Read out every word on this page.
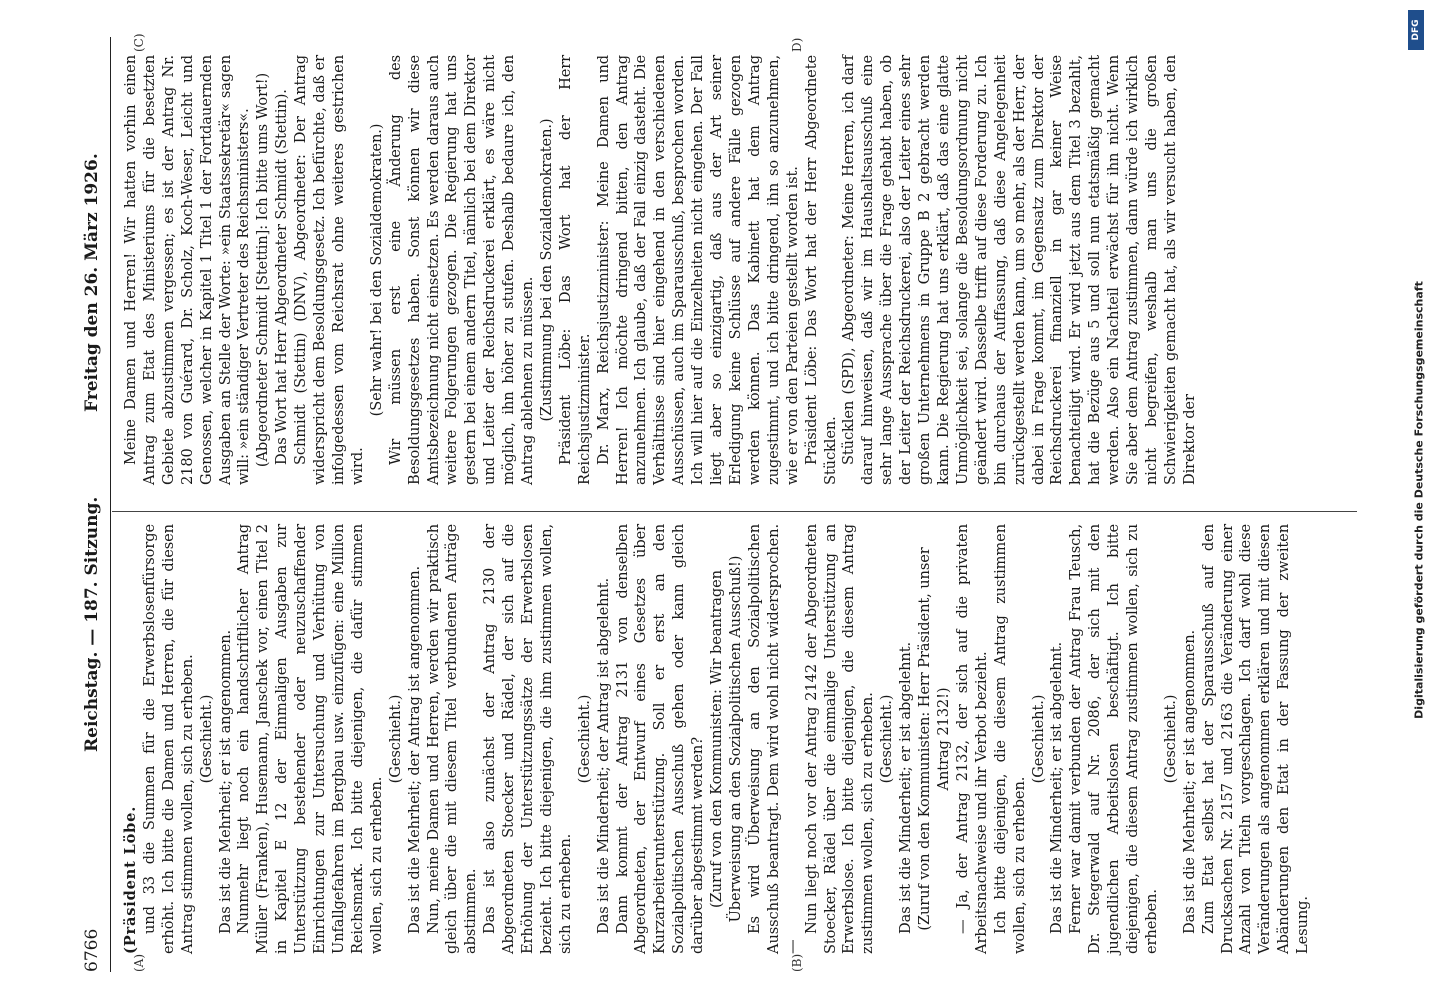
6766
Reichstag. — 187. Sitzung.
Freitag den 26. März 1926.
(A)	(B)
(C)	D)

(Präsident Löbe. und 33 die Summen für die Erwerbslosenfürsorge erhöht. Ich bitte die Damen und Herren, die für diesen Antrag stimmen wollen, sich zu erheben. (Geschieht.) Das ist die Mehrheit; er ist angenommen. Nunmehr liegt noch ein handschriftlicher Antrag Müller (Franken), Husemann, Janschek vor, einen Titel 2 in Kapitel E 12 der Einmaligen Ausgaben zur Unterstützung bestehender oder neuzuschaffender Einrichtungen zur Untersuchung und Verhütung von Unfallgefahren im Bergbau usw. einzufügen: eine Million Reichsmark. Ich bitte diejenigen, die dafür stimmen wollen, sich zu erheben.

(Geschieht.) Das ist die Mehrheit; der Antrag ist angenommen. Nun, meine Damen und Herren, werden wir praktisch gleich über die mit diesem Titel verbundenen Anträge abstimmen. Das ist also zunächst der Antrag 2130 der Abgeordneten Stoecker und Rädel, der sich auf die Erhöhung der Unterstützungssätze der Erwerbslosen bezieht. Ich bitte diejenigen, die ihm zustimmen wollen, sich zu erheben.

(Geschieht.) Das ist die Minderheit; der Antrag ist abgelehnt. Dann kommt der Antrag 2131 von denselben Abgeordneten, der Entwurf eines Gesetzes über Kurzarbeiterunterstützung. Soll er erst an den Sozialpolitischen Ausschuß gehen oder kann gleich darüber abgestimmt werden? (Zuruf von den Kommunisten: Wir beantragen Überweisung an den Sozialpolitischen Ausschuß!) Es wird Überweisung an den Sozialpolitischen Ausschuß beantragt. Dem wird wohl nicht widersprochen. —

Nun liegt noch vor der Antrag 2142 der Abgeordneten Stoecker, Rädel über die einmalige Unterstützung an Erwerbslose. Ich bitte diejenigen, die diesem Antrag zustimmen wollen, sich zu erheben. (Geschieht.) Das ist die Minderheit; er ist abgelehnt. (Zuruf von den Kommunisten: Herr Präsident, unser Antrag 2132!) — Ja, der Antrag 2132, der sich auf die privaten Arbeitsnachweise und ihr Verbot bezieht. Ich bitte diejenigen, die diesem Antrag zustimmen wollen, sich zu erheben.

(Geschieht.) Das ist die Minderheit; er ist abgelehnt. Ferner war damit verbunden der Antrag Frau Teusch, Dr. Stegerwald auf Nr. 2086, der sich mit den jugendlichen Arbeitslosen beschäftigt. Ich bitte diejenigen, die diesem Antrag zustimmen wollen, sich zu erheben.

(Geschieht.) Das ist die Mehrheit; er ist angenommen. Zum Etat selbst hat der Sparausschuß auf den Drucksachen Nr. 2157 und 2163 die Veränderung einer Anzahl von Titeln vorgeschlagen. Ich darf wohl diese Veränderungen als angenommen erklären und mit diesen Abänderungen den Etat in der Fassung der zweiten Lesung.

Meine Damen und Herren! Wir hatten vorhin einen Antrag zum Etat des Ministeriums für die besetzten Gebiete abzustimmen vergessen; es ist der Antrag Nr. 2180 von Guérard, Dr. Scholz, Koch-Weser, Leicht und Genossen, welcher in Kapitel 1 Titel 1 der Fortdauernden Ausgaben an Stelle der Worte: »ein Staatssekretär« sagen will: »ein ständiger Vertreter des Reichsministers«. (Abgeordneter Schmidt [Stettin]: Ich bitte ums Wort!) Das Wort hat Herr Abgeordneter Schmidt (Stettin). Schmidt (Stettin) (DNV), Abgeordneter: Der Antrag widerspricht dem Besoldungsgesetz. Ich befürchte, daß er infolgedessen vom Reichsrat ohne weiteres gestrichen wird.

(Sehr wahr! bei den Sozialdemokraten.) Wir müssen erst eine Änderung des Besoldungsgesetzes haben. Sonst können wir diese Amtsbezeichnung nicht einsetzen. Es werden daraus auch weitere Folgerungen gezogen. Die Regierung hat uns gestern bei einem andern Titel, nämlich bei dem Direktor und Leiter der Reichsdruckerei erklärt, es wäre nicht möglich, ihn höher zu stufen. Deshalb bedaure ich, den Antrag ablehnen zu müssen. (Zustimmung bei den Sozialdemokraten.) Präsident Löbe: Das Wort hat der Herr Reichsjustizminister. Dr. Marx, Reichsjustizminister: Meine Damen und Herren! Ich möchte dringend bitten, den Antrag anzunehmen. Ich glaube, daß der Fall einzig dasteht. Die Verhältnisse sind hier eingehend in den verschiedenen Ausschüssen, auch im Sparausschuß, besprochen worden. Ich will hier auf die Einzelheiten nicht eingehen. Der Fall liegt aber so einzigartig, daß aus der Art seiner Erledigung keine Schlüsse auf andere Fälle gezogen werden können. Das Kabinett hat dem Antrag zugestimmt, und ich bitte dringend, ihn so anzunehmen, wie er von den Parteien gestellt worden ist. Präsident Löbe: Das Wort hat der Herr Abgeordnete Stücklen. Stücklen (SPD), Abgeordneter: Meine Herren, ich darf darauf hinweisen, daß wir im Haushaltsausschuß eine sehr lange Aussprache über die Frage gehabt haben, ob der Leiter der Reichsdruckerei, also der Leiter eines sehr großen Unternehmens in Gruppe B 2 gebracht werden kann. Die Regierung hat uns erklärt, daß das eine glatte Unmöglichkeit sei, solange die Besoldungsordnung nicht geändert wird. Dasselbe trifft auf diese Forderung zu. Ich bin durchaus der Auffassung, daß diese Angelegenheit zurückgestellt werden kann, um so mehr, als der Herr, der dabei in Frage kommt, im Gegensatz zum Direktor der Reichsdruckerei finanziell in gar keiner Weise benachteiligt wird. Er wird jetzt aus dem Titel 3 bezahlt, hat die Bezüge aus 5 und soll nun etatsmäßig gemacht werden. Also ein Nachteil erwächst für ihn nicht. Wenn Sie aber dem Antrag zustimmen, dann würde ich wirklich nicht begreifen, weshalb man uns die großen Schwierigkeiten gemacht hat, als wir versucht haben, den Direktor der

DFG
Digitalisierung gefördert durch die Deutsche Forschungsgemeinschaft
